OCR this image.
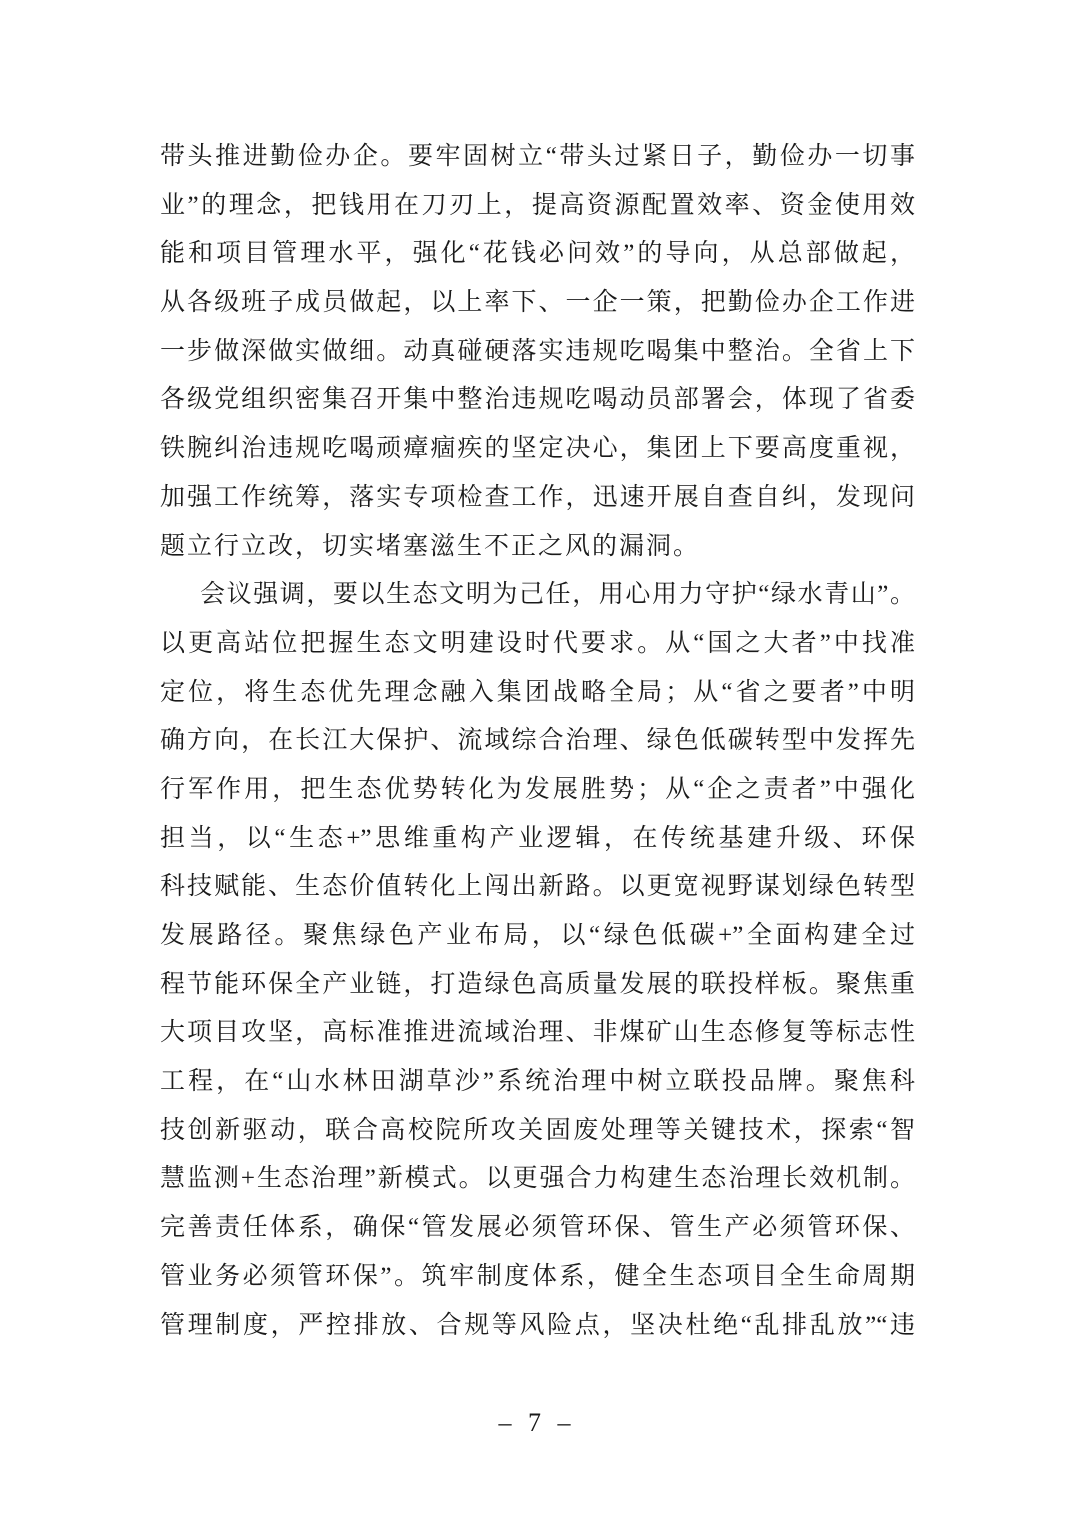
带头推进勤俭办企。要牢固树立“带头过紧日子，勤俭办一切事
业”的理念，把钱用在刀刃上，提高资源配置效率、资金使用效
能和项目管理水平，强化“花钱必问效”的导向，从总部做起，
从各级班子成员做起，以上率下、一企一策，把勤俭办企工作进
一步做深做实做细。动真碰硬落实违规吃喝集中整治。全省上下
各级党组织密集召开集中整治违规吃喝动员部署会，体现了省委
铁腕纠治违规吃喝顽瘴痼疾的坚定决心，集团上下要高度重视，
加强工作统筹，落实专项检查工作，迅速开展自查自纠，发现问
题立行立改，切实堵塞滋生不正之风的漏洞。
会议强调，要以生态文明为己任，用心用力守护“绿水青山”。
以更高站位把握生态文明建设时代要求。从“国之大者”中找准
定位，将生态优先理念融入集团战略全局；从“省之要者”中明
确方向，在长江大保护、流域综合治理、绿色低碳转型中发挥先
行军作用，把生态优势转化为发展胜势；从“企之责者”中强化
担当，以“生态+”思维重构产业逻辑，在传统基建升级、环保
科技赋能、生态价值转化上闯出新路。以更宽视野谋划绿色转型
发展路径。聚焦绿色产业布局，以“绿色低碳+”全面构建全过
程节能环保全产业链，打造绿色高质量发展的联投样板。聚焦重
大项目攻坚，高标准推进流域治理、非煤矿山生态修复等标志性
工程，在“山水林田湖草沙”系统治理中树立联投品牌。聚焦科
技创新驱动，联合高校院所攻关固废处理等关键技术，探索“智
慧监测+生态治理”新模式。以更强合力构建生态治理长效机制。
完善责任体系，确保“管发展必须管环保、管生产必须管环保、
管业务必须管环保”。筑牢制度体系，健全生态项目全生命周期
管理制度，严控排放、合规等风险点，坚决杜绝“乱排乱放”“违
– 7 –
